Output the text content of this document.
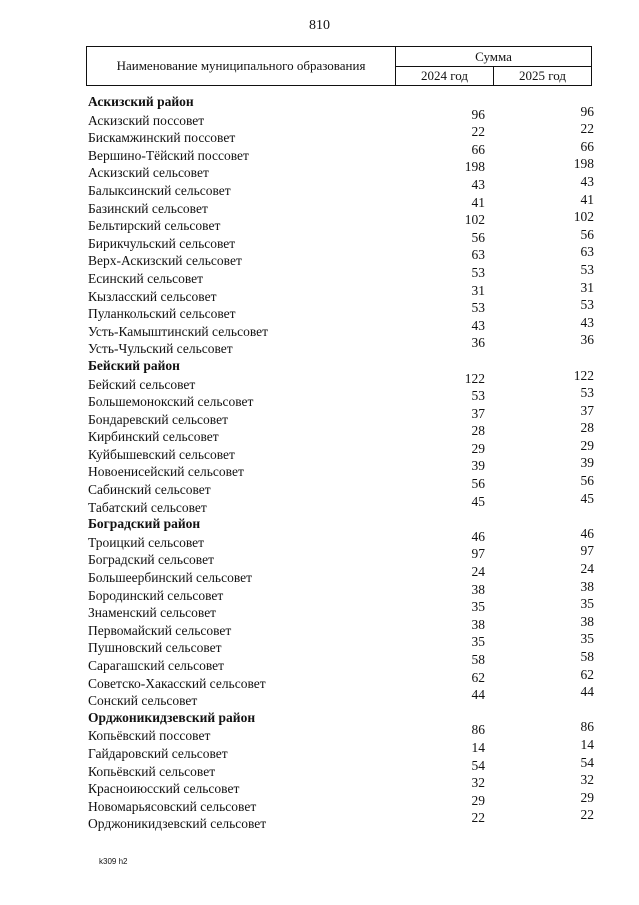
810
Наименование муниципального образования
Сумма
2024 год	2025 год
Аскизский район
Аскизский поссовет	96	96
Бискамжинский поссовет	22	22
Вершино-Тёйский поссовет	66	66
Аскизский сельсовет	198	198
Балыксинский сельсовет	43	43
Базинский сельсовет	41	41
Бельтирский сельсовет	102	102
Бирикчульский сельсовет	56	56
Верх-Аскизский сельсовет	63	63
Есинский сельсовет	53	53
Кызласский сельсовет	31	31
Пуланкольский сельсовет	53	53
Усть-Камыштинский сельсовет	43	43
Усть-Чульский сельсовет	36	36
Бейский район
Бейский сельсовет	122	122
Большемонокский сельсовет	53	53
Бондаревский сельсовет	37	37
Кирбинский сельсовет	28	28
Куйбышевский сельсовет	29	29
Новоенисейский сельсовет	39	39
Сабинский сельсовет	56	56
Табатский сельсовет	45	45
Боградский район
Троицкий сельсовет	46	46
Боградский сельсовет	97	97
Большеербинский сельсовет	24	24
Бородинский сельсовет	38	38
Знаменский сельсовет	35	35
Первомайский сельсовет	38	38
Пушновский сельсовет	35	35
Сарагашский сельсовет	58	58
Советско-Хакасский сельсовет	62	62
Сонский сельсовет	44	44
Орджоникидзевский район
Копьёвский поссовет	86	86
Гайдаровский сельсовет	14	14
Копьёвский сельсовет	54	54
Красноиюсский сельсовет	32	32
Новомарьясовский сельсовет	29	29
Орджоникидзевский сельсовет	22	22
k309 h2
